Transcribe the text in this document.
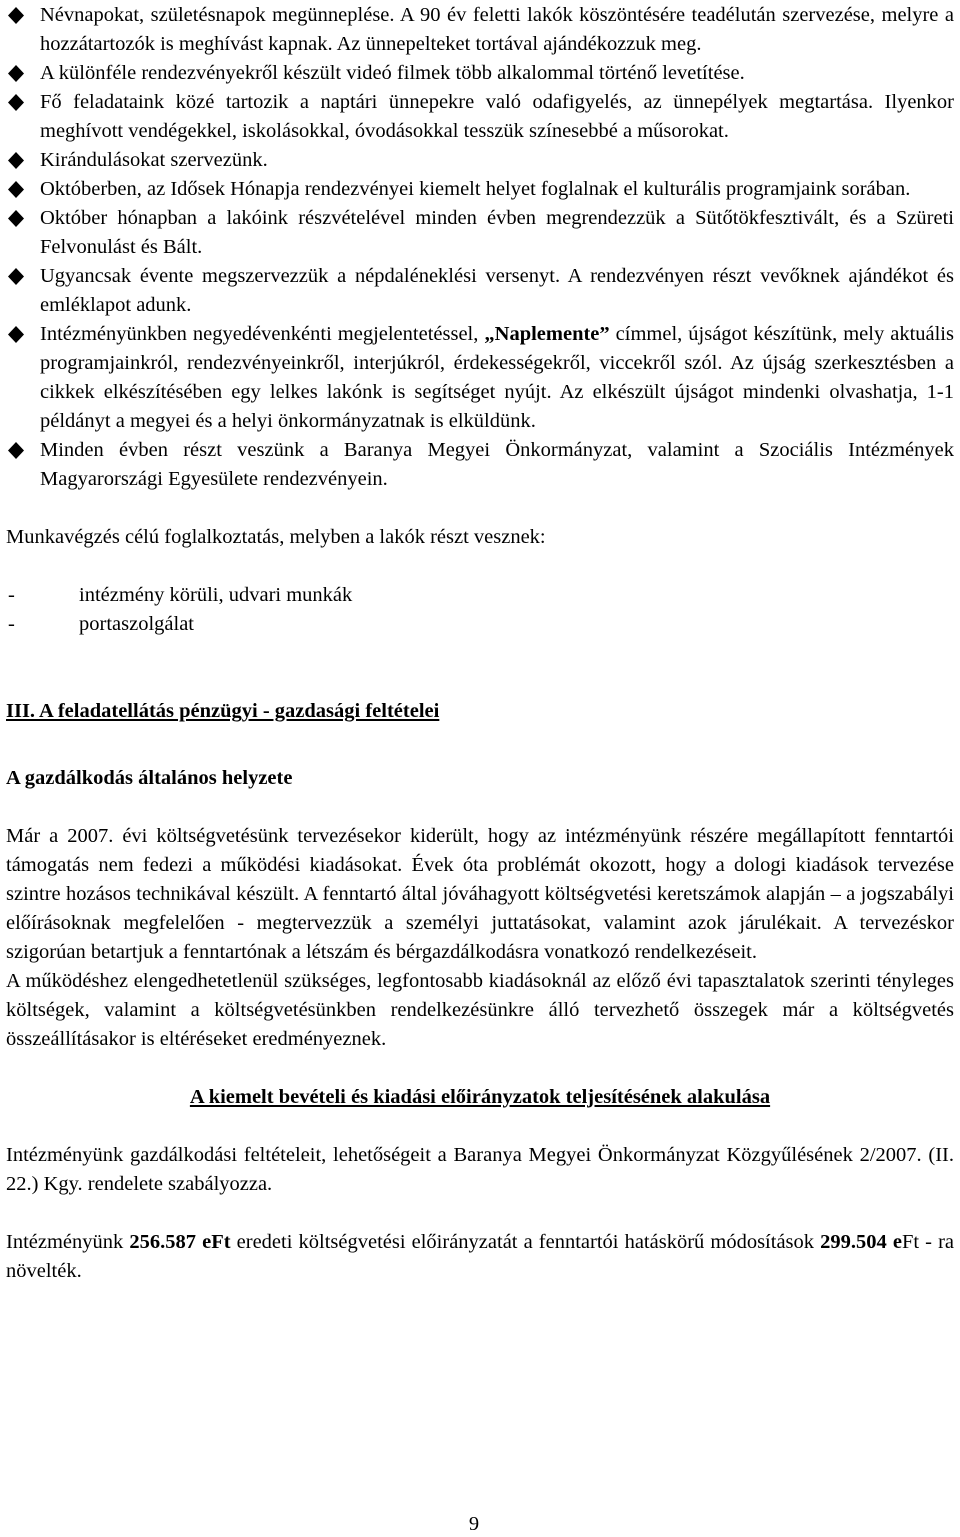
Névnapokat, születésnapok megünneplése. A 90 év feletti lakók köszöntésére teadélután szervezése, melyre a hozzátartozók is meghívást kapnak. Az ünnepelteket tortával ajándékozzuk meg.
A különféle rendezvényekről készült videó filmek több alkalommal történő levetítése.
Fő feladataink közé tartozik a naptári ünnepekre való odafigyelés, az ünnepélyek megtartása. Ilyenkor meghívott vendégekkel, iskolásokkal, óvodásokkal tesszük színesebbé a műsorokat.
Kirándulásokat szervezünk.
Októberben, az Idősek Hónapja rendezvényei kiemelt helyet foglalnak el kulturális programjaink sorában.
Október hónapban a lakóink részvételével minden évben megrendezzük a Sütőtökfesztivált, és a Szüreti Felvonulást és Bált.
Ugyancsak évente megszervezzük a népdaléneklési versenyt. A rendezvényen részt vevőknek ajándékot és emléklapot adunk.
Intézményünkben negyedévenkénti megjelentetéssel, „Naplemente” címmel, újságot készítünk, mely aktuális programjainkról, rendezvényeinkről, interjúkról, érdekességekről, viccekről szól. Az újság szerkesztésben a cikkek elkészítésében egy lelkes lakónk is segítséget nyújt. Az elkészült újságot mindenki olvashatja, 1-1 példányt a megyei és a helyi önkormányzatnak is elküldünk.
Minden évben részt veszünk a Baranya Megyei Önkormányzat, valamint a Szociális Intézmények Magyarországi Egyesülete rendezvényein.

Munkavégzés célú foglalkoztatás, melyben a lakók részt vesznek:

-	intézmény körüli, udvari munkák
-	portaszolgálat

III. A feladatellátás pénzügyi - gazdasági feltételei

A gazdálkodás általános helyzete

Már a 2007. évi költségvetésünk tervezésekor kiderült, hogy az intézményünk részére megállapított fenntartói támogatás nem fedezi a működési kiadásokat. Évek óta problémát okozott, hogy a dologi kiadások tervezése szintre hozásos technikával készült. A fenntartó által jóváhagyott költségvetési keretszámok alapján – a jogszabályi előírásoknak megfelelően - megtervezzük a személyi juttatásokat, valamint azok járulékait. A tervezéskor szigorúan betartjuk a fenntartónak a létszám és bérgazdálkodásra vonatkozó rendelkezéseit.

A működéshez elengedhetetlenül szükséges, legfontosabb kiadásoknál az előző évi tapasztalatok szerinti tényleges költségek, valamint a költségvetésünkben rendelkezésünkre álló tervezhető összegek már a költségvetés összeállításakor is eltéréseket eredményeznek.

A kiemelt bevételi és kiadási előirányzatok teljesítésének alakulása

Intézményünk gazdálkodási feltételeit, lehetőségeit a Baranya Megyei Önkormányzat Közgyűlésének 2/2007. (II. 22.) Kgy. rendelete szabályozza.

Intézményünk 256.587 eFt eredeti költségvetési előirányzatát a fenntartói hatáskörű módosítások 299.504 eFt - ra növelték.

9
